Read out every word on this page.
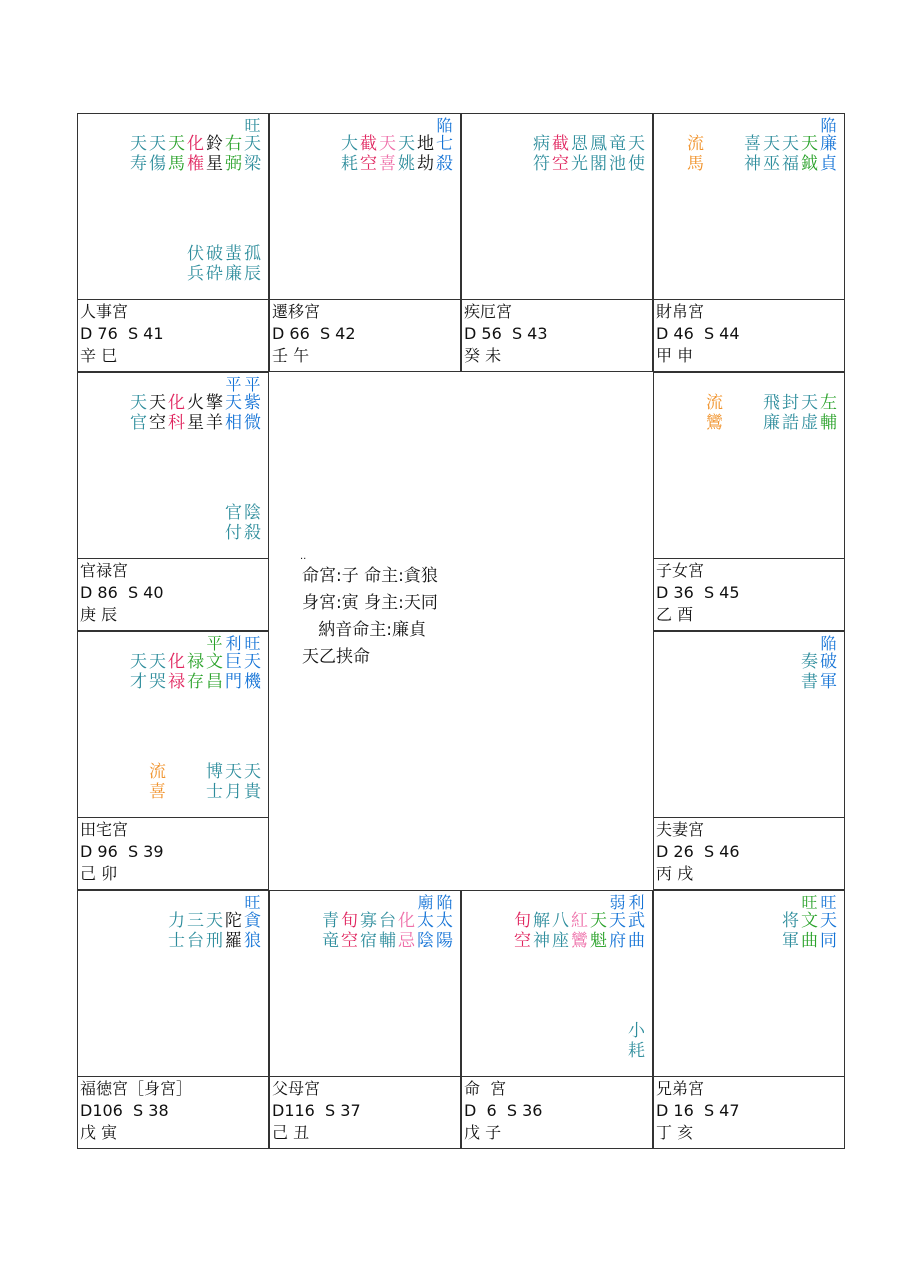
..
命宮:子 命主:貪狼
身宮:寅 身主:天同
納音命主:廉貞
天乙挟命
旺
天
梁
右
弼
鈴
星
化
権
天
馬
天
傷
天
寿
孤
辰
蜚
廉
破
砕
伏
兵
人事宮
D 76  S 41
辛 巳
陥
七
殺
地
劫
天
姚
天
喜
截
空
大
耗
遷移宮
D 66  S 42
壬 午
天
使
竜
池
鳳
閣
恩
光
截
空
病
符
疾厄宮
D 56  S 43
癸 未
陥
廉
貞
天
鉞
天
福
天
巫
喜
神
流
馬
財帛宮
D 46  S 44
甲 申
左
輔
天
虚
封
誥
飛
廉
流
鸞
子女宮
D 36  S 45
乙 酉
陥
破
軍
奏
書
夫妻宮
D 26  S 46
丙 戌
旺
天
同
旺
文
曲
将
軍
兄弟宮
D 16  S 47
丁 亥
利
武
曲
弱
天
府
天
魁
紅
鸞
八
座
解
神
旬
空
小
耗
命  宮
D  6  S 36
戊 子
陥
太
陽
廟
太
陰
化
忌
台
輔
寡
宿
旬
空
青
竜
父母宮
D116  S 37
己 丑
旺
貪
狼
陀
羅
天
刑
三
台
力
士
福徳宮［身宮］
D106  S 38
戊 寅
旺
天
機
利
巨
門
平
文
昌
禄
存
化
禄
天
哭
天
才
天
貴
天
月
博
士
流
喜
田宅宮
D 96  S 39
己 卯
平
紫
微
平
天
相
擎
羊
火
星
化
科
天
空
天
官
陰
殺
官
付
官禄宮
D 86  S 40
庚 辰
